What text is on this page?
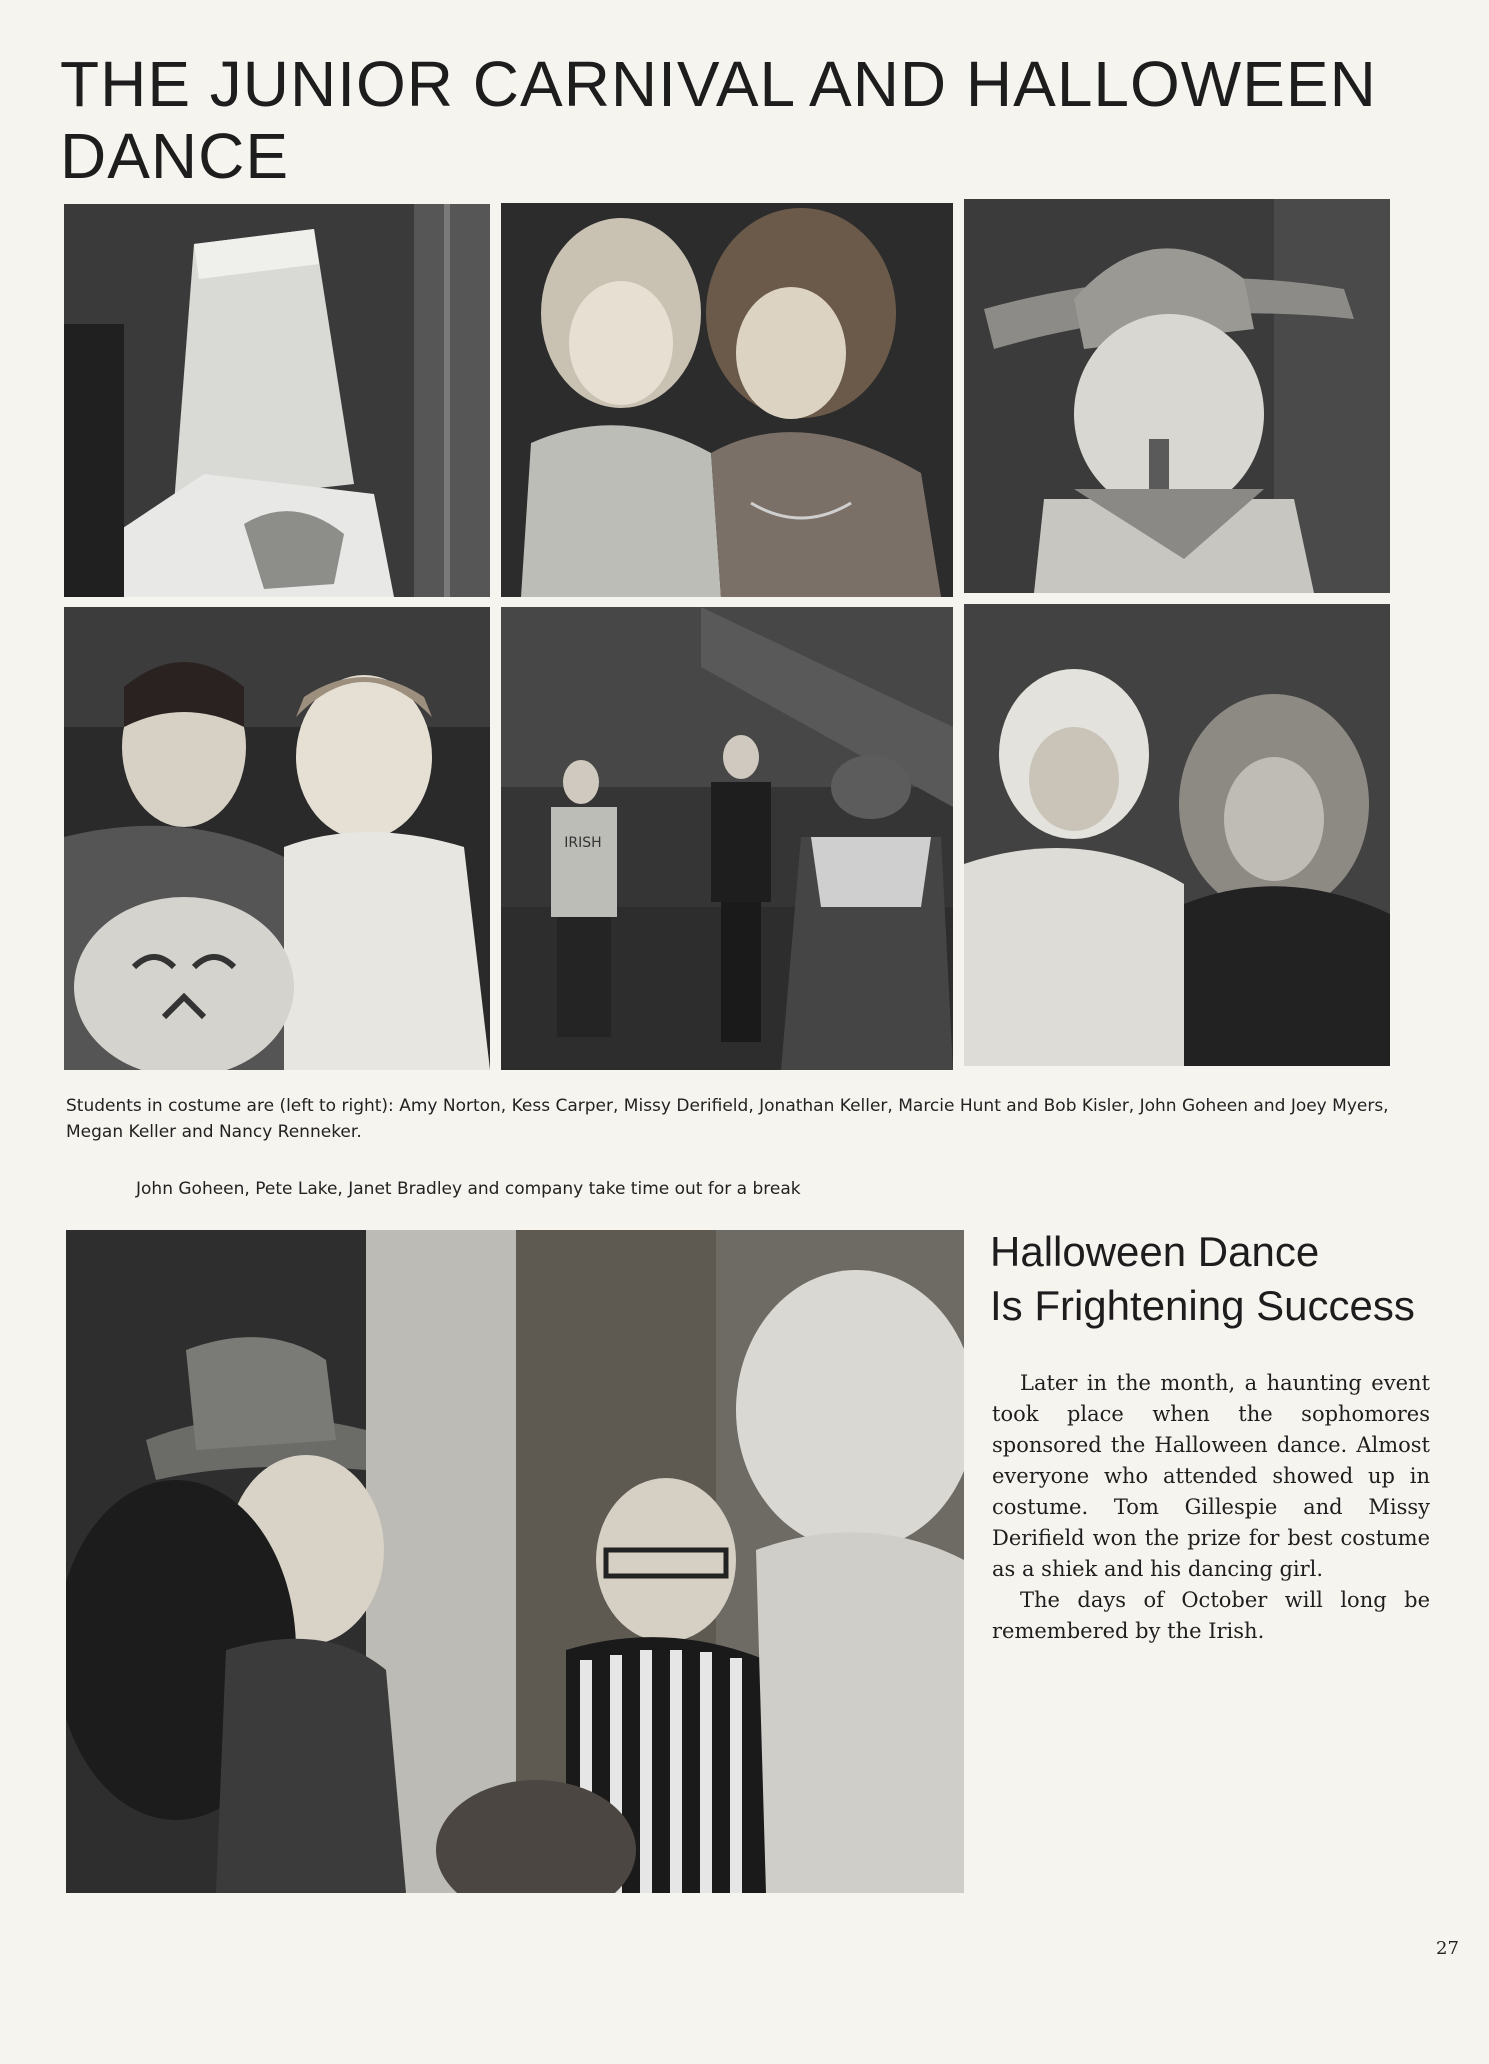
THE JUNIOR CARNIVAL AND HALLOWEEN DANCE
IRISH
Students in costume are (left to right): Amy Norton, Kess Carper, Missy Derifield, Jonathan Keller, Marcie Hunt and Bob Kisler, John Goheen and Joey Myers, Megan Keller and Nancy Renneker.
John Goheen, Pete Lake, Janet Bradley and company take time out for a break
Halloween Dance
Is Frightening Success

Later in the month, a haunting event took place when the sophomores sponsored the Halloween dance. Almost everyone who attended showed up in costume. Tom Gillespie and Missy Derifield won the prize for best costume as a shiek and his dancing girl.

The days of October will long be remembered by the Irish.

27
